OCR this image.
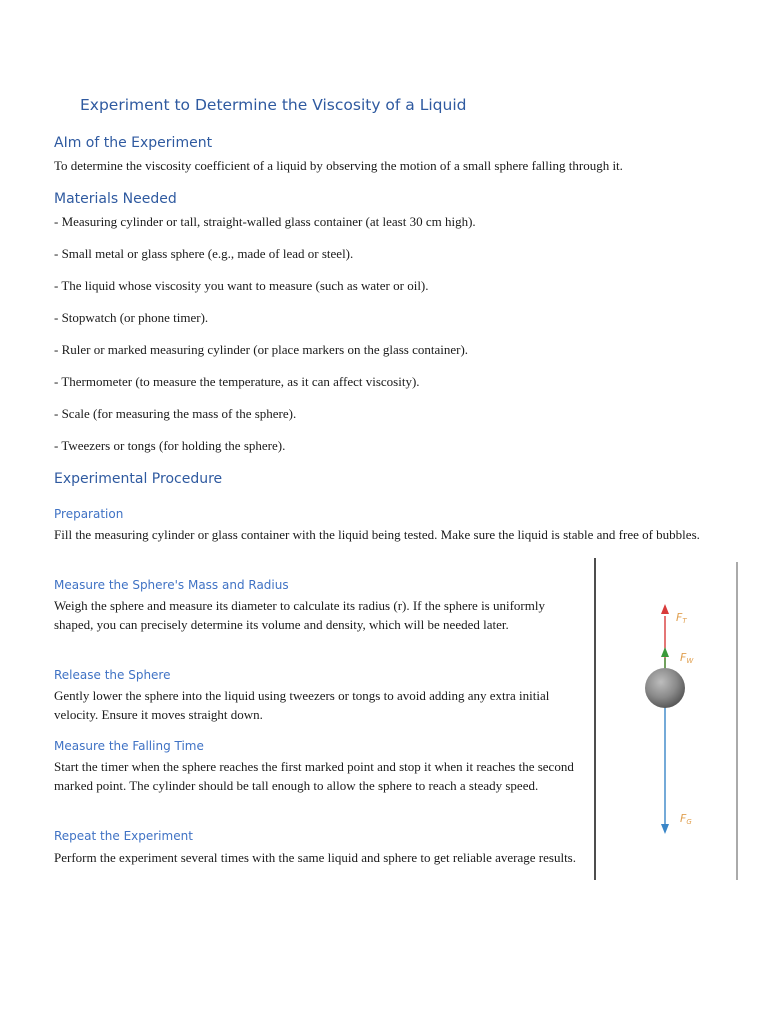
Experiment to Determine the Viscosity of a Liquid
AIm of the Experiment

To determine the viscosity coefficient of a liquid by observing the motion of a small sphere falling through it.

Materials Needed

- Measuring cylinder or tall, straight-walled glass container (at least 30 cm high).

- Small metal or glass sphere (e.g., made of lead or steel).

- The liquid whose viscosity you want to measure (such as water or oil).

- Stopwatch (or phone timer).

- Ruler or marked measuring cylinder (or place markers on the glass container).

- Thermometer (to measure the temperature, as it can affect viscosity).

- Scale (for measuring the mass of the sphere).

- Tweezers or tongs (for holding the sphere).

Experimental Procedure
Preparation

Fill the measuring cylinder or glass container with the liquid being tested. Make sure the liquid is stable and free of bubbles.

Measure the Sphere's Mass and Radius

Weigh the sphere and measure its diameter to calculate its radius (r). If the sphere is uniformly shaped, you can precisely determine its volume and density, which will be needed later.

Release the Sphere

Gently lower the sphere into the liquid using tweezers or tongs to avoid adding any extra initial velocity. Ensure it moves straight down.

Measure the Falling Time

Start the timer when the sphere reaches the first marked point and stop it when it reaches the second marked point. The cylinder should be tall enough to allow the sphere to reach a steady speed.

Repeat the Experiment

Perform the experiment several times with the same liquid and sphere to get reliable average results.

FT
FW
FG
